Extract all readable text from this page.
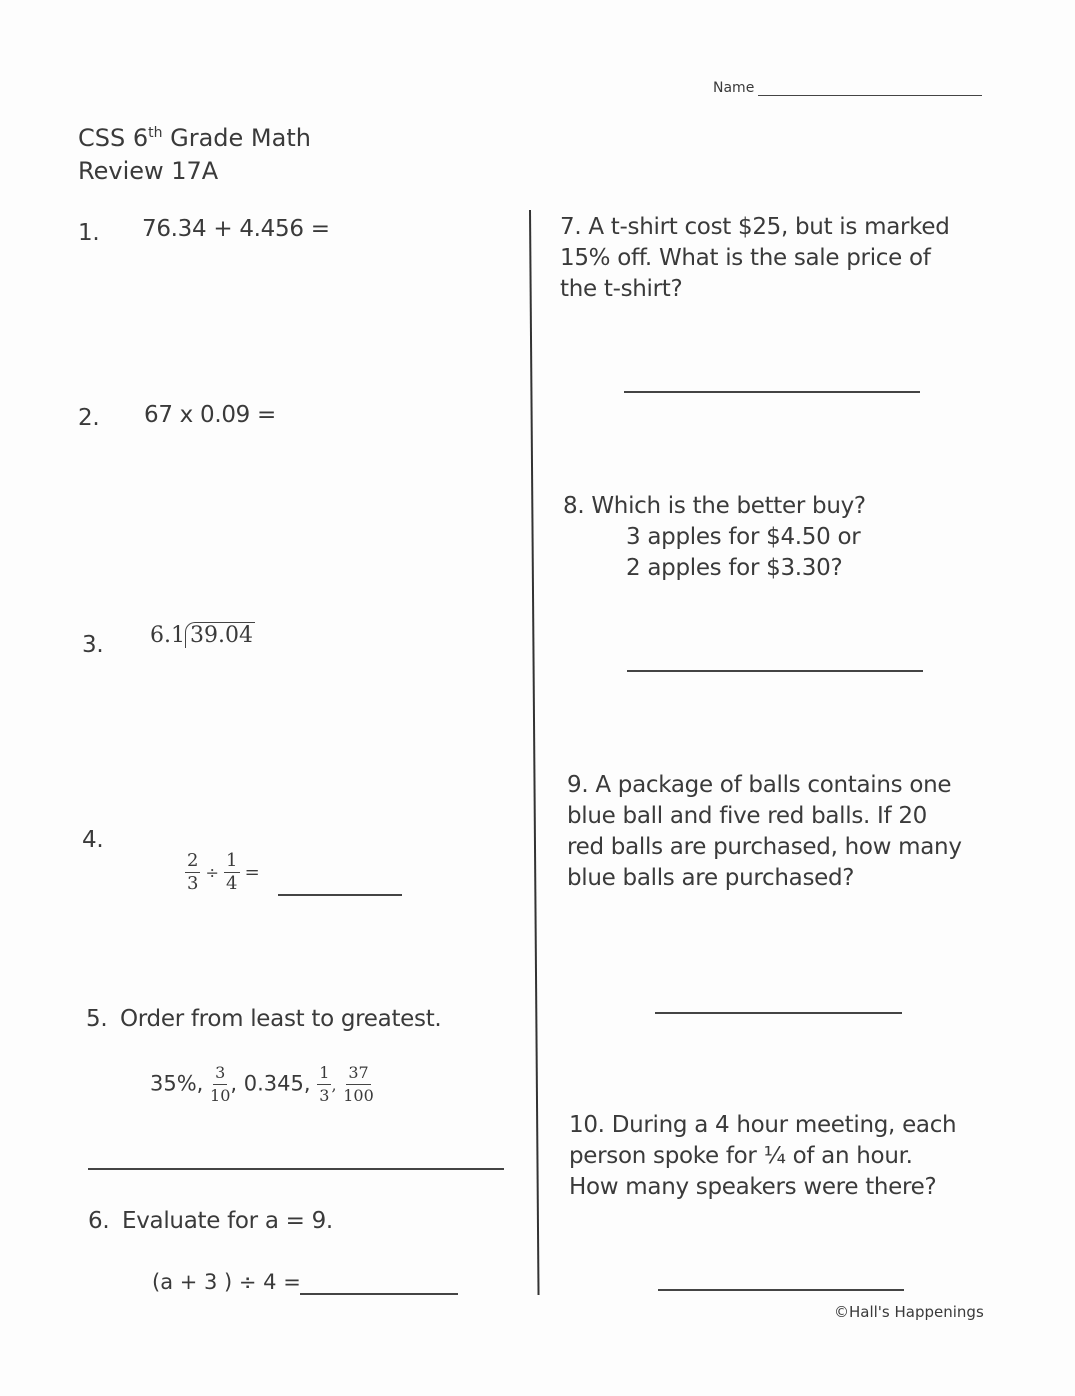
Name
CSS 6th Grade Math
Review 17A
1. 76.34 + 4.456 =
2. 67 x 0.09 =
3. 6.1 39.04
4.
$\frac{2}{3} \div \frac{1}{4}$ =
5. Order from least to greatest.
35%, $\frac{3}{10}$ , 0.345, $\frac{1}{3}$ , $\frac{37}{100}$
6. Evaluate for a = 9.
(a + 3 ) ÷ 4 =
7. A t-shirt cost $25, but is marked
15% off. What is the sale price of
the t-shirt?
8. Which is the better buy?
3 apples for $4.50 or
2 apples for $3.30?
9. A package of balls contains one
blue ball and five red balls. If 20
red balls are purchased, how many
blue balls are purchased?
10. During a 4 hour meeting, each
person spoke for ¼ of an hour.
How many speakers were there?
©Hall's Happenings
